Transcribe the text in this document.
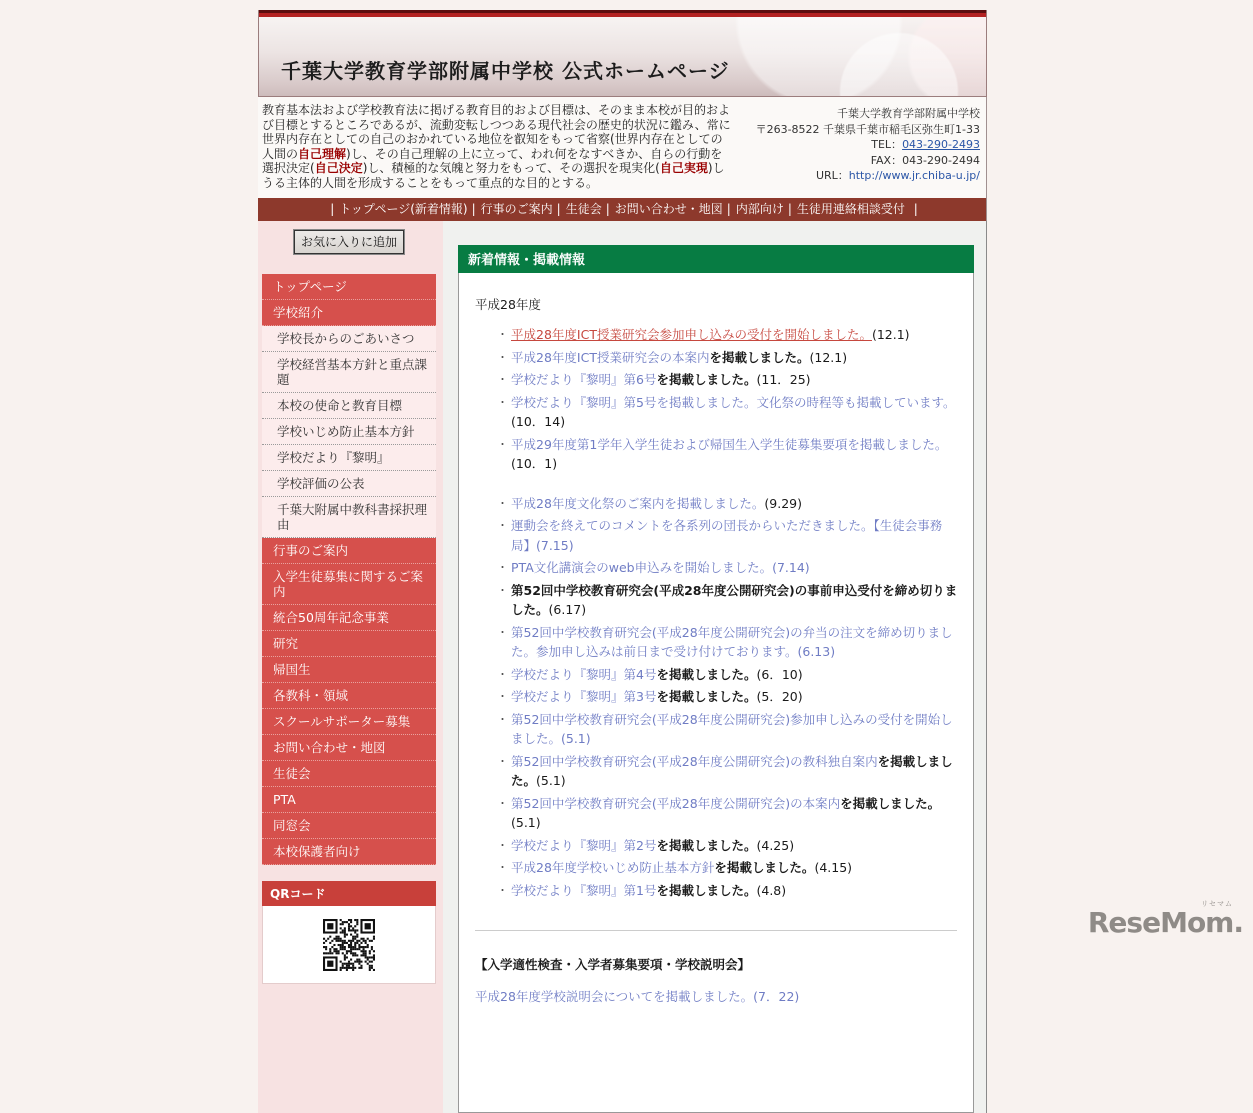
千葉大学教育学部附属中学校 公式ホームページ
教育基本法および学校教育法に掲げる教育目的および目標は、そのまま本校が目的および目標とするところであるが、流動変転しつつある現代社会の歴史的状況に鑑み、常に世界内存在としての自己のおかれている地位を叡知をもって省察(世界内存在としての人間の自己理解)し、その自己理解の上に立って、われ何をなすべきか、自らの行動を選択決定(自己決定)し、積極的な気魄と努力をもって、その選択を現実化(自己実現)しうる主体的人間を形成することをもって重点的な目的とする。
千葉大学教育学部附属中学校
〒263-8522 千葉県千葉市稲毛区弥生町1-33
TEL：043-290-2493
FAX：043-290-2494
URL：http://www.jr.chiba-u.jp/
| トップページ(新着情報) | 行事のご案内 | 生徒会 | お問い合わせ・地図 | 内部向け | 生徒用連絡相談受付 |
お気に入りに追加
トップページ
学校紹介
学校長からのごあいさつ
学校経営基本方針と重点課題
本校の使命と教育目標
学校いじめ防止基本方針
学校だより『黎明』
学校評価の公表
千葉大附属中教科書採択理由
行事のご案内
入学生徒募集に関するご案内
統合50周年記念事業
研究
帰国生
各教科・領域
スクールサポーター募集
お問い合わせ・地図
生徒会
PTA
同窓会
本校保護者向け
QRコード
新着情報・掲載情報
平成28年度
・ 平成28年度ICT授業研究会参加申し込みの受付を開始しました。(12.1)
・ 平成28年度ICT授業研究会の本案内を掲載しました。(12.1)
・ 学校だより『黎明』第6号を掲載しました。(11．25)
・ 学校だより『黎明』第5号を掲載しました。文化祭の時程等も掲載しています。(10．14)
・ 平成29年度第1学年入学生徒および帰国生入学生徒募集要項を掲載しました。(10．1)
・ 平成28年度文化祭のご案内を掲載しました。(9.29)
・ 運動会を終えてのコメントを各系列の団長からいただきました。【生徒会事務局】(7.15)
・ PTA文化講演会のweb申込みを開始しました。(7.14)
・ 第52回中学校教育研究会(平成28年度公開研究会)の事前申込受付を締め切りました。(6.17)
・ 第52回中学校教育研究会(平成28年度公開研究会)の弁当の注文を締め切りました。参加申し込みは前日まで受け付けております。(6.13)
・ 学校だより『黎明』第4号を掲載しました。(6．10)
・ 学校だより『黎明』第3号を掲載しました。(5．20)
・ 第52回中学校教育研究会(平成28年度公開研究会)参加申し込みの受付を開始しました。(5.1)
・ 第52回中学校教育研究会(平成28年度公開研究会)の教科独自案内を掲載しました。(5.1)
・ 第52回中学校教育研究会(平成28年度公開研究会)の本案内を掲載しました。(5.1)
・ 学校だより『黎明』第2号を掲載しました。(4.25)
・ 平成28年度学校いじめ防止基本方針を掲載しました。(4.15)
・ 学校だより『黎明』第1号を掲載しました。(4.8)
【入学適性検査・入学者募集要項・学校説明会】
平成28年度学校説明会についてを掲載しました。(7．22)
リセマム
ReseMom.
